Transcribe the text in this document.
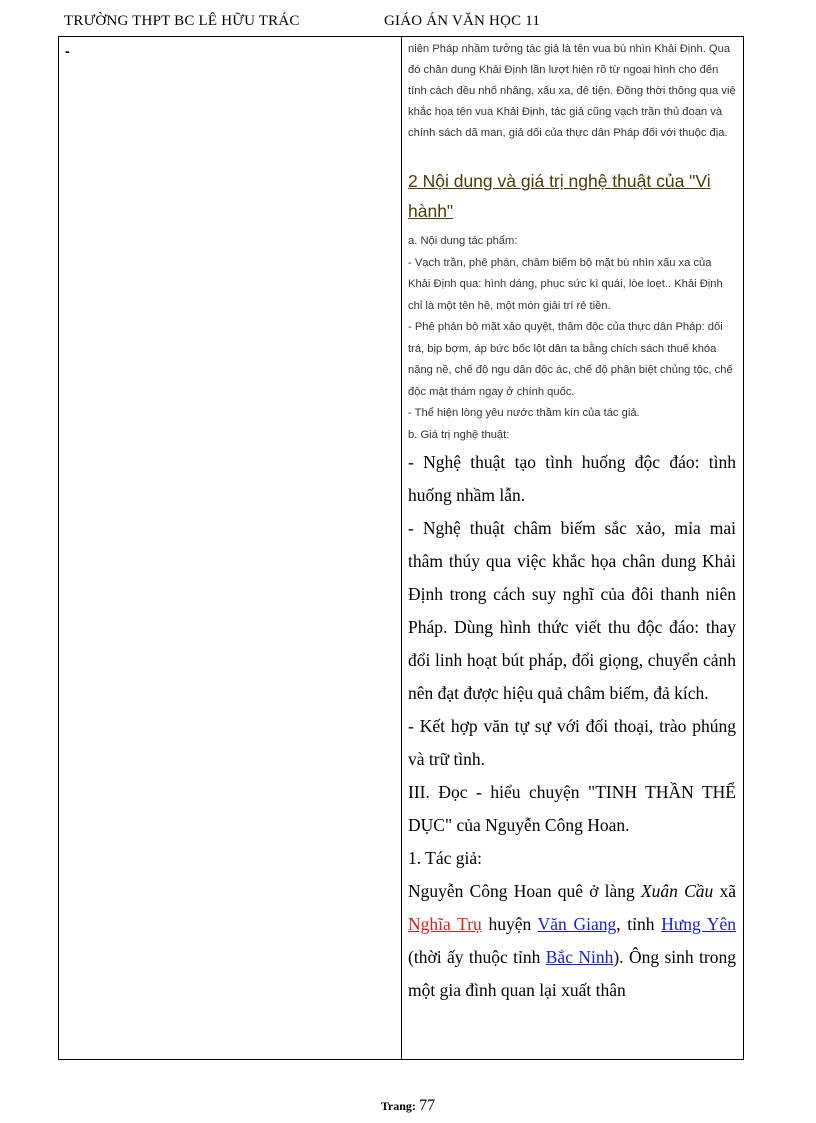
TRƯỜNG THPT BC LÊ HỮU TRÁC	GIÁO ÁN VĂN HỌC 11
-	niên Pháp nhầm tưởng tác giả là tên vua bù nhìn Khải Định. Qua đó chân dung Khải Định lần lượt hiện rõ từ ngoại hình cho đến tính cách đều nhố nhăng, xấu xa, đê tiện. Đồng thời thông qua việ khắc họa tên vua Khải Định, tác giả cũng vạch trần thủ đoạn và chính sách dã man, giả dối của thực dân Pháp đối với thuộc địa.

2 Nội dung và giá trị nghệ thuật của "Vi hành"

a. Nội dung tác phẩm:

- Vạch trần, phê phán, châm biếm bộ mặt bù nhìn xấu xa của Khải Định qua: hình dáng, phục sức kì quái, lòe loẹt.. Khải Định chỉ là một tên hề, một món giải trí rẻ tiền.

- Phê phán bộ mặt xảo quyệt, thâm độc của thực dân Pháp: dối trá, bịp bợm, áp bức bốc lột dân ta bằng chích sách thuế khóa nặng nề, chế độ ngu dân độc ác, chế độ phân biệt chủng tộc, chế độc mật thám ngay ở chính quốc.

- Thể hiện lòng yêu nước thầm kín của tác giả.

b. Giá trị nghệ thuật:

- Nghệ thuật tạo tình huống độc đáo: tình huống nhầm lẫn.

- Nghệ thuật châm biếm sắc xảo, mỉa mai thâm thúy qua việc khắc họa chân dung Khải Định trong cách suy nghĩ của đôi thanh niên Pháp. Dùng hình thức viết thu độc đáo: thay đổi linh hoạt bút pháp, đổi giọng, chuyển cảnh nên đạt được hiệu quả châm biếm, đả kích.

- Kết hợp văn tự sự với đối thoại, trào phúng và trữ tình.

III. Đọc - hiểu chuyện "TINH THẦN THỂ DỤC" của Nguyễn Công Hoan.

1. Tác giả:

Nguyễn Công Hoan quê ở làng Xuân Cầu xã Nghĩa Trụ huyện Văn Giang, tỉnh Hưng Yên (thời ấy thuộc tỉnh Bắc Ninh). Ông sinh trong một gia đình quan lại xuất thân

Trang: 77
